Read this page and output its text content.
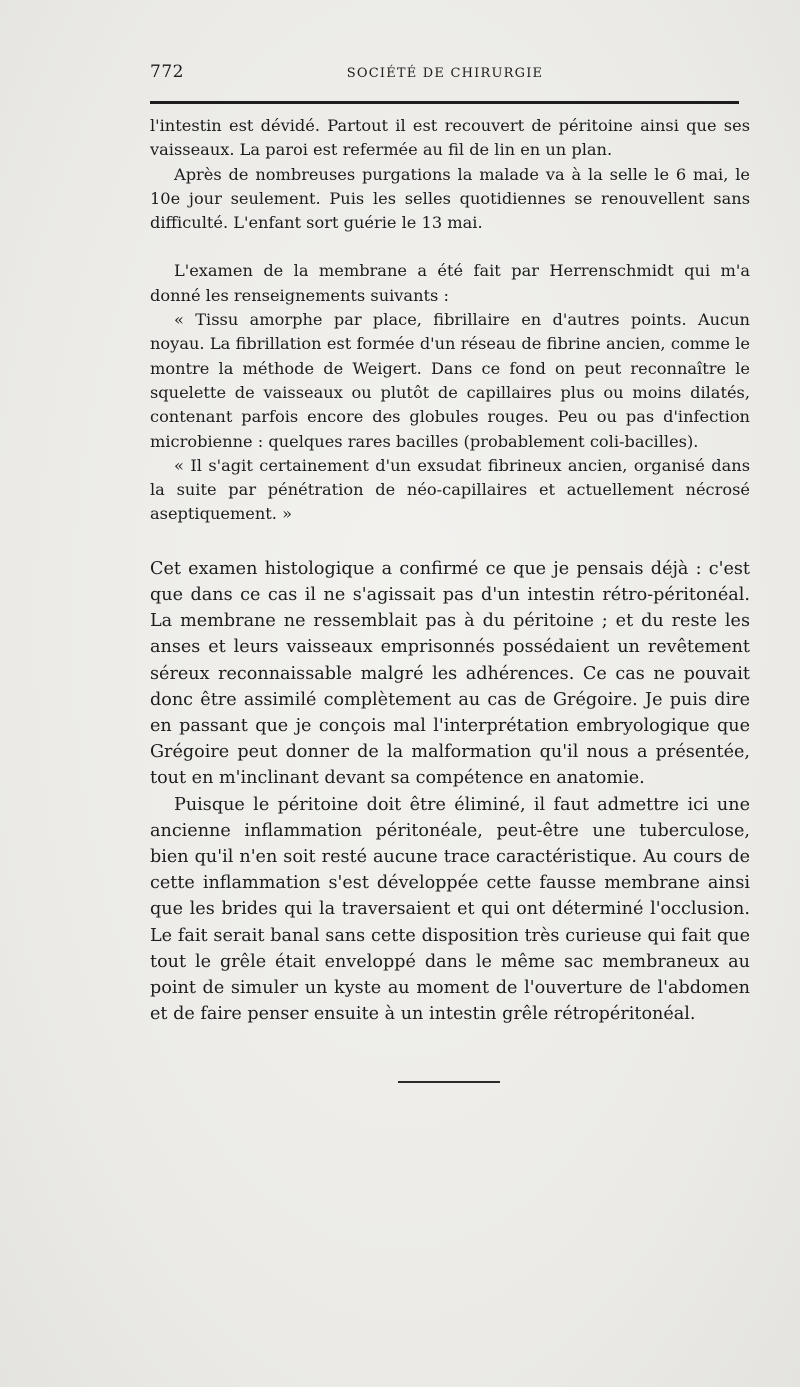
772	SOCIÉTÉ DE CHIRURGIE

l'intestin est dévidé. Partout il est recouvert de péritoine ainsi que ses vaisseaux. La paroi est refermée au fil de lin en un plan.

Après de nombreuses purgations la malade va à la selle le 6 mai, le 10e jour seulement. Puis les selles quotidiennes se renouvellent sans difficulté. L'enfant sort guérie le 13 mai.

L'examen de la membrane a été fait par Herrenschmidt qui m'a donné les renseignements suivants :

« Tissu amorphe par place, fibrillaire en d'autres points. Aucun noyau. La fibrillation est formée d'un réseau de fibrine ancien, comme le montre la méthode de Weigert. Dans ce fond on peut reconnaître le squelette de vaisseaux ou plutôt de capillaires plus ou moins dilatés, contenant parfois encore des globules rouges. Peu ou pas d'infection microbienne : quelques rares bacilles (probablement coli-bacilles).

« Il s'agit certainement d'un exsudat fibrineux ancien, organisé dans la suite par pénétration de néo-capillaires et actuellement nécrosé aseptiquement. »

Cet examen histologique a confirmé ce que je pensais déjà : c'est que dans ce cas il ne s'agissait pas d'un intestin rétro-péritonéal. La membrane ne ressemblait pas à du péritoine ; et du reste les anses et leurs vaisseaux emprisonnés possédaient un revêtement séreux reconnaissable malgré les adhérences. Ce cas ne pouvait donc être assimilé complètement au cas de Grégoire. Je puis dire en passant que je conçois mal l'interprétation embryologique que Grégoire peut donner de la malformation qu'il nous a présentée, tout en m'inclinant devant sa compétence en anatomie.

Puisque le péritoine doit être éliminé, il faut admettre ici une ancienne inflammation péritonéale, peut-être une tuberculose, bien qu'il n'en soit resté aucune trace caractéristique. Au cours de cette inflammation s'est développée cette fausse membrane ainsi que les brides qui la traversaient et qui ont déterminé l'occlusion. Le fait serait banal sans cette disposition très curieuse qui fait que tout le grêle était enveloppé dans le même sac membraneux au point de simuler un kyste au moment de l'ouverture de l'abdomen et de faire penser ensuite à un intestin grêle rétropéritonéal.
